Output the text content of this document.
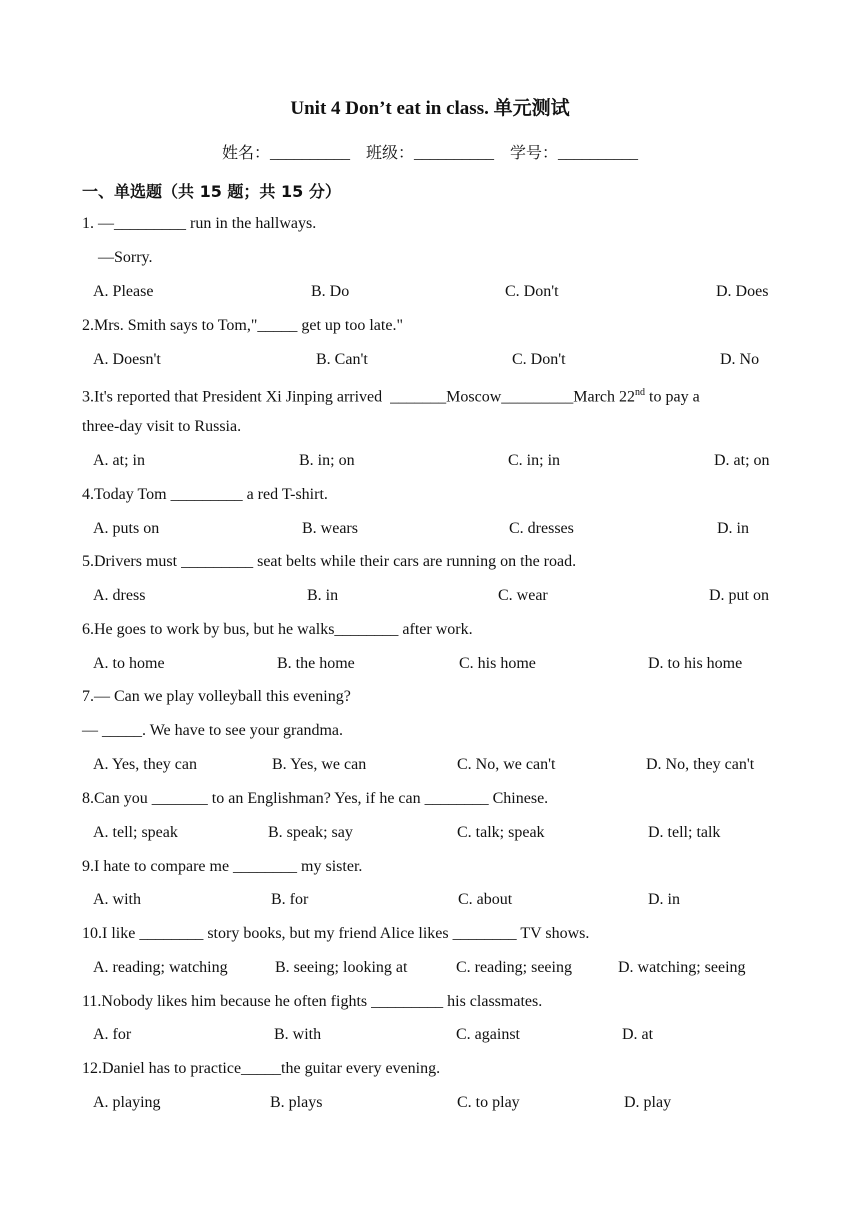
Unit 4 Don’t eat in class. 单元测试
姓名：__________ 班级：__________ 学号：__________
一、单选题（共 15 题；共 15 分）
1. —_________ run in the hallways.
—Sorry.
A. Please	B. Do	C. Don't	D. Does
2.Mrs. Smith says to Tom,"_____ get up too late."
A. Doesn't	B. Can't	C. Don't	D. No
3.It's reported that President Xi Jinping arrived  _______Moscow_________March 22nd to pay a
three-day visit to Russia.
A. at; in	B. in; on	C. in; in	D. at; on
4.Today Tom _________ a red T-shirt.
A. puts on	B. wears	C. dresses	D. in
5.Drivers must _________ seat belts while their cars are running on the road.
A. dress	B. in	C. wear	D. put on
6.He goes to work by bus, but he walks________ after work.
A. to home	B. the home	C. his home	D. to his home
7.— Can we play volleyball this evening?
— _____. We have to see your grandma.
A. Yes, they can	B. Yes, we can	C. No, we can't	D. No, they can't
8.Can you _______ to an Englishman? Yes, if he can ________ Chinese.
A. tell; speak	B. speak; say	C. talk; speak	D. tell; talk
9.I hate to compare me ________ my sister.
A. with	B. for	C. about	D. in
10.I like ________ story books, but my friend Alice likes ________ TV shows.
A. reading; watching	B. seeing; looking at	C. reading; seeing	D. watching; seeing
11.Nobody likes him because he often fights _________ his classmates.
A. for	B. with	C. against	D. at
12.Daniel has to practice_____the guitar every evening.
A. playing	B. plays	C. to play	D. play
